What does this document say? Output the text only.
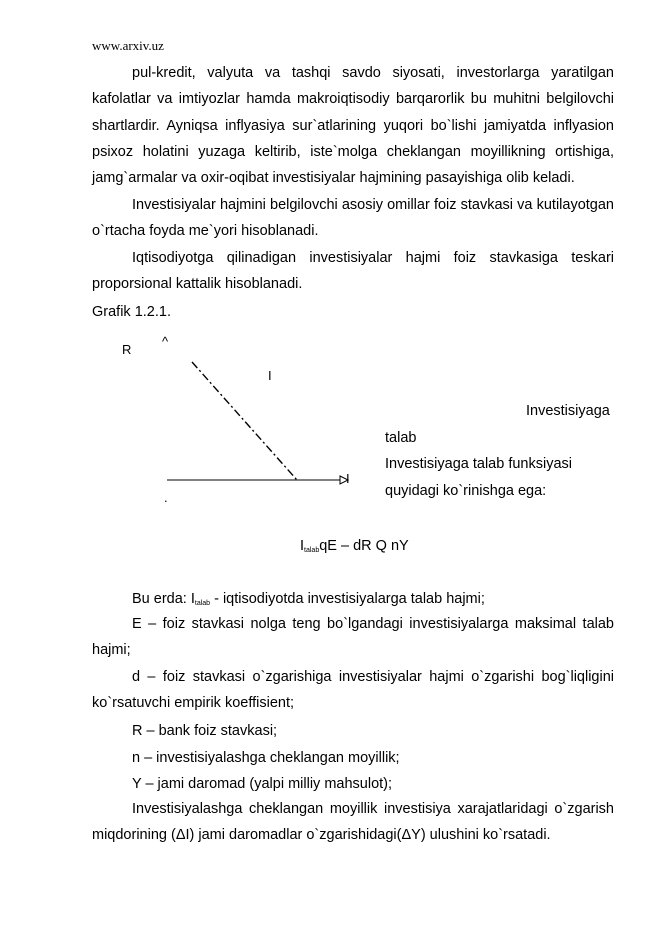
www.arxiv.uz
pul-kredit, valyuta va tashqi savdo siyosati, investorlarga yaratilgan kafolatlar va imtiyozlar hamda makroiqtisodiy barqarorlik bu muhitni belgilovchi shartlardir. Ayniqsa inflyasiya sur`atlarining yuqori bo`lishi jamiyatda inflyasion psixoz holatini yuzaga keltirib, iste`molga cheklangan moyillikning ortishiga, jamg`armalar va oxir-oqibat investisiyalar hajmining pasayishiga olib keladi.
Investisiyalar hajmini belgilovchi asosiy omillar foiz stavkasi va kutilayotgan o`rtacha foyda me`yori hisoblanadi.
Iqtisodiyotga qilinadigan investisiyalar hajmi foiz stavkasiga teskari proporsional kattalik hisoblanadi.
Grafik 1.2.1.
R
^
I
I
.
Investisiyaga
talab
Investisiyaga talab funksiyasi
quyidagi ko`rinishga ega:
$I_{talab}qE$ – dR Q nY
Bu erda: $I_{talab}$ - iqtisodiyotda investisiyalarga talab hajmi;
E – foiz stavkasi nolga teng bo`lgandagi investisiyalarga maksimal talab hajmi;
d – foiz stavkasi o`zgarishiga investisiyalar hajmi o`zgarishi bog`liqligini ko`rsatuvchi empirik koeffisient;
R – bank foiz stavkasi;
n – investisiyalashga cheklangan moyillik;
Y – jami daromad (yalpi milliy mahsulot);
Investisiyalashga cheklangan moyillik investisiya xarajatlaridagi o`zgarish miqdorining (ΔI) jami daromadlar o`zgarishidagi(ΔY) ulushini ko`rsatadi.
